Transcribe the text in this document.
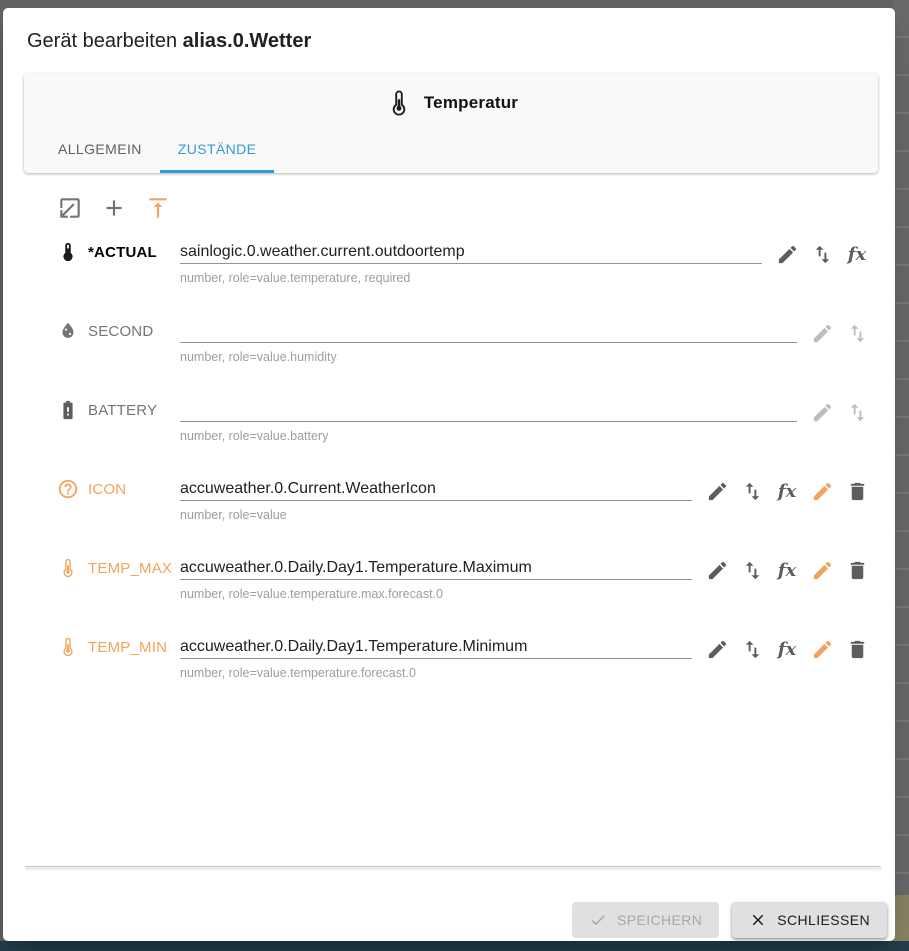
Gerät bearbeiten alias.0.Wetter
Temperatur
ALLGEMEIN	ZUSTÄNDE
*ACTUAL sainlogic.0.weather.current.outdoortemp
number, role=value.temperature, required
fx
SECOND
number, role=value.humidity
BATTERY
number, role=value.battery
ICON	accuweather.0.Current.WeatherIcon
number, role=value
fx
TEMP_MAX accuweather.0.Daily.Day1.Temperature.Maximum
number, role=value.temperature.max.forecast.0
fx
TEMP_MIN accuweather.0.Daily.Day1.Temperature.Minimum
number, role=value.temperature.forecast.0
fx
SPEICHERN	SCHLIESSEN
